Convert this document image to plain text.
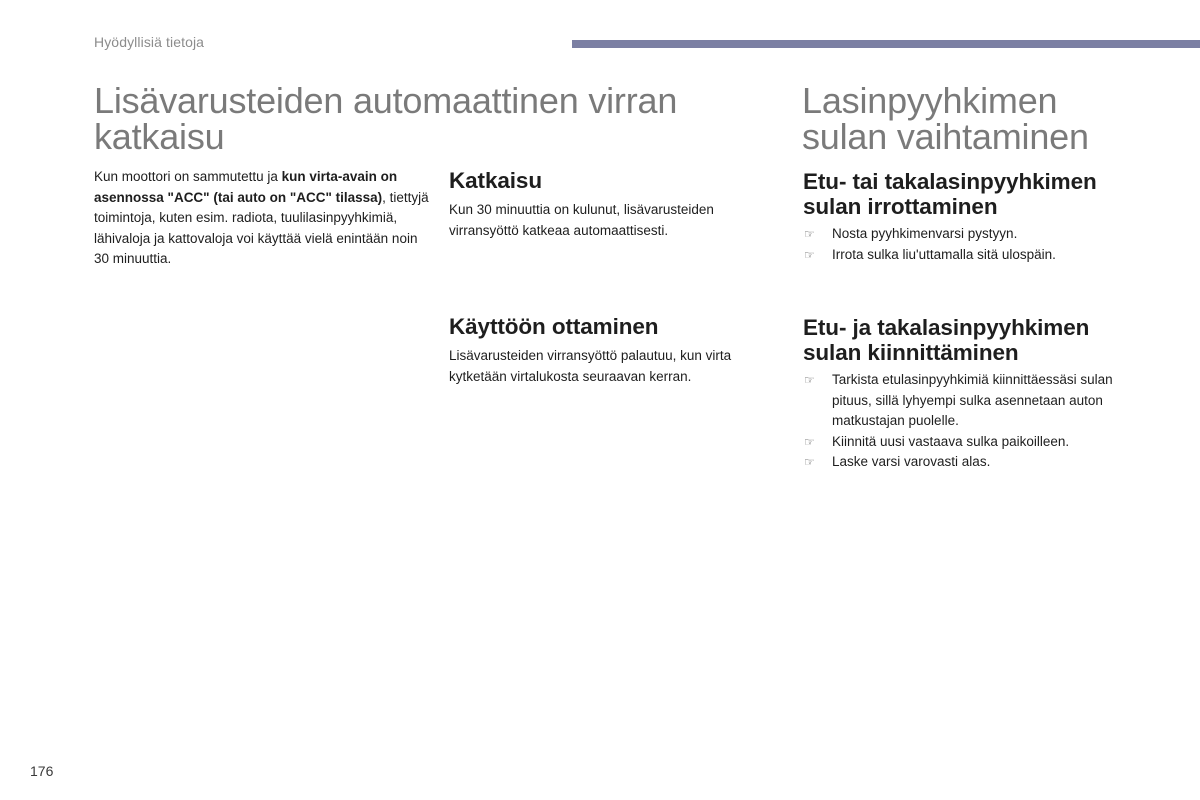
Hyödyllisiä tietoja
Lisävarusteiden automaattinen virran
katkaisu

Kun moottori on sammutettu ja kun virta-avain on asennossa "ACC" (tai auto on "ACC" tilassa), tiettyjä toimintoja, kuten esim. radiota, tuulilasinpyyhkimiä, lähivaloja ja kattovaloja voi käyttää vielä enintään noin 30 minuuttia.

Katkaisu

Kun 30 minuuttia on kulunut, lisävarusteiden virransyöttö katkeaa automaattisesti.

Käyttöön ottaminen

Lisävarusteiden virransyöttö palautuu, kun virta kytketään virtalukosta seuraavan kerran.

Lasinpyyhkimen
sulan vaihtaminen
Etu- tai takalasinpyyhkimen
sulan irrottaminen
☞ Nosta pyyhkimenvarsi pystyyn.
☞ Irrota sulka liu'uttamalla sitä ulospäin.
Etu- ja takalasinpyyhkimen
sulan kiinnittäminen
☞ Tarkista etulasinpyyhkimiä kiinnittäessäsi sulan pituus, sillä lyhyempi sulka asennetaan auton matkustajan puolelle.
☞ Kiinnitä uusi vastaava sulka paikoilleen.
☞ Laske varsi varovasti alas.
176
